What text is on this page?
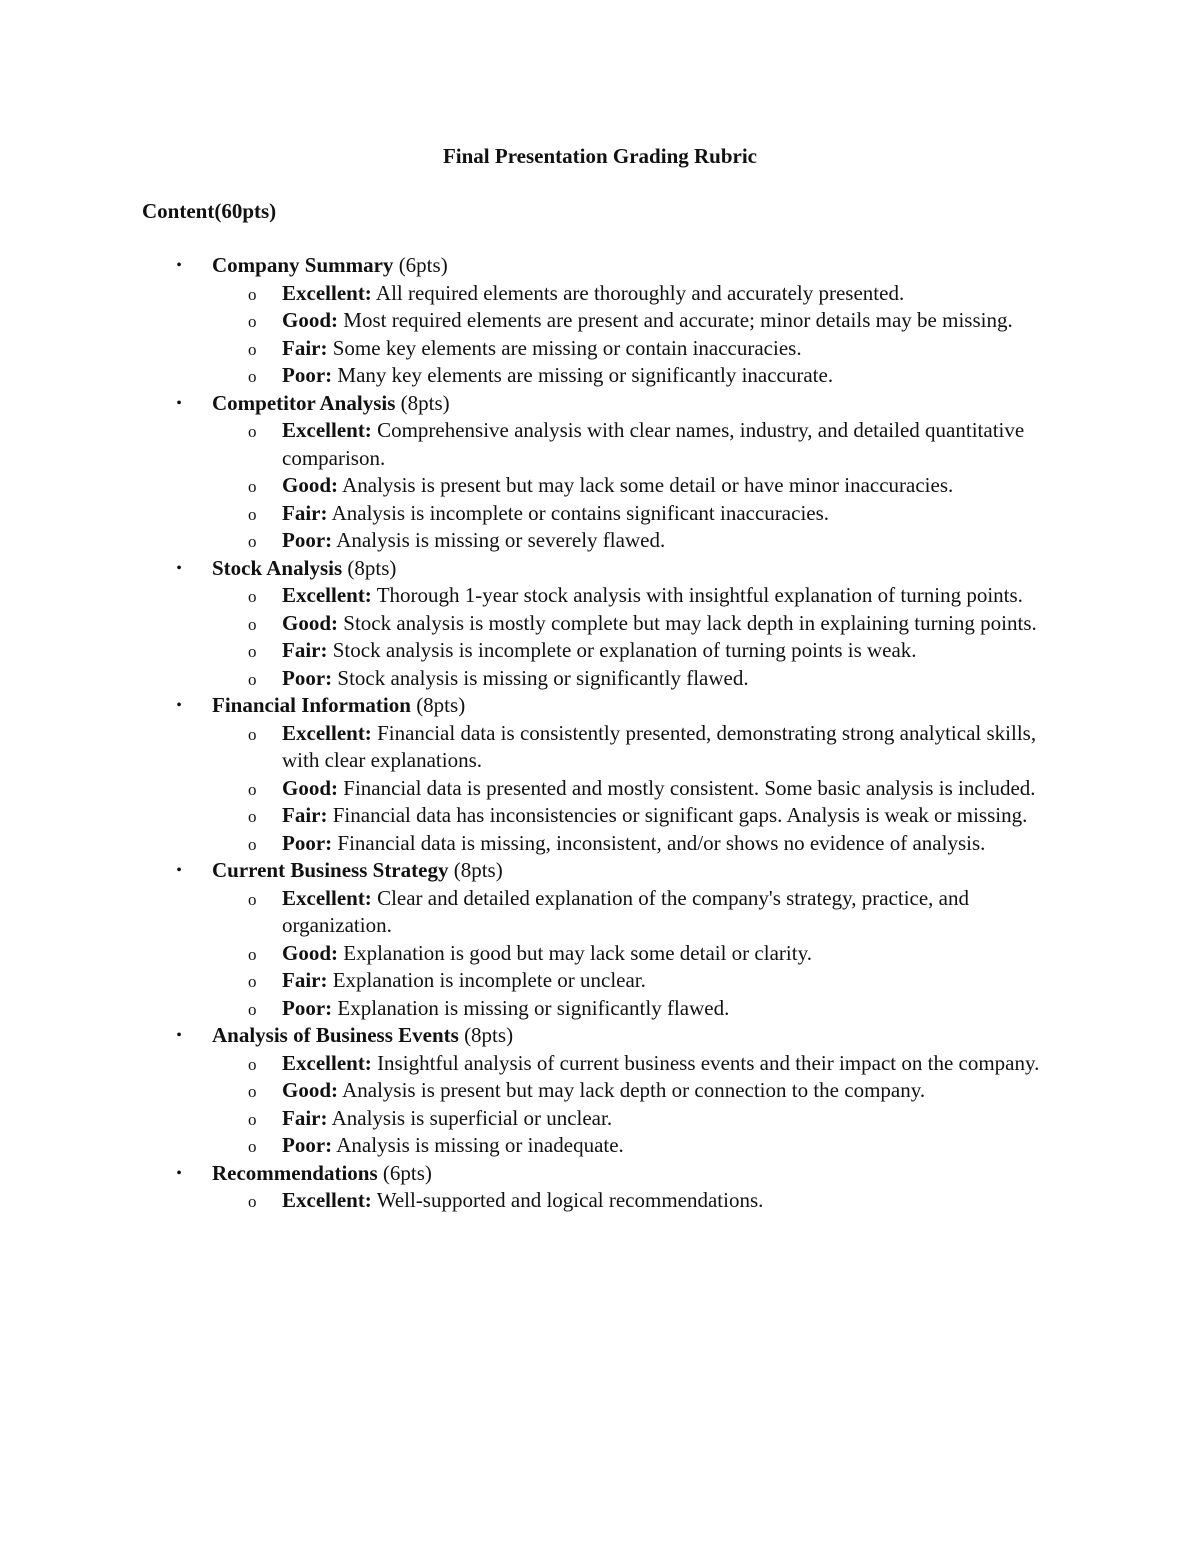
Final Presentation Grading Rubric
Content(60pts)
• Company Summary (6pts)
o Excellent: All required elements are thoroughly and accurately presented.
o Good: Most required elements are present and accurate; minor details may be missing.
o Fair: Some key elements are missing or contain inaccuracies.
o Poor: Many key elements are missing or significantly inaccurate.
• Competitor Analysis (8pts)
o Excellent: Comprehensive analysis with clear names, industry, and detailed quantitative comparison.
o Good: Analysis is present but may lack some detail or have minor inaccuracies.
o Fair: Analysis is incomplete or contains significant inaccuracies.
o Poor: Analysis is missing or severely flawed.
• Stock Analysis (8pts)
o Excellent: Thorough 1-year stock analysis with insightful explanation of turning points.
o Good: Stock analysis is mostly complete but may lack depth in explaining turning points.
o Fair: Stock analysis is incomplete or explanation of turning points is weak.
o Poor: Stock analysis is missing or significantly flawed.
• Financial Information (8pts)
o Excellent: Financial data is consistently presented, demonstrating strong analytical skills, with clear explanations.
o Good: Financial data is presented and mostly consistent. Some basic analysis is included.
o Fair: Financial data has inconsistencies or significant gaps. Analysis is weak or missing.
o Poor: Financial data is missing, inconsistent, and/or shows no evidence of analysis.
• Current Business Strategy (8pts)
o Excellent: Clear and detailed explanation of the company's strategy, practice, and organization.
o Good: Explanation is good but may lack some detail or clarity.
o Fair: Explanation is incomplete or unclear.
o Poor: Explanation is missing or significantly flawed.
• Analysis of Business Events (8pts)
o Excellent: Insightful analysis of current business events and their impact on the company.
o Good: Analysis is present but may lack depth or connection to the company.
o Fair: Analysis is superficial or unclear.
o Poor: Analysis is missing or inadequate.
• Recommendations (6pts)
o Excellent: Well-supported and logical recommendations.
